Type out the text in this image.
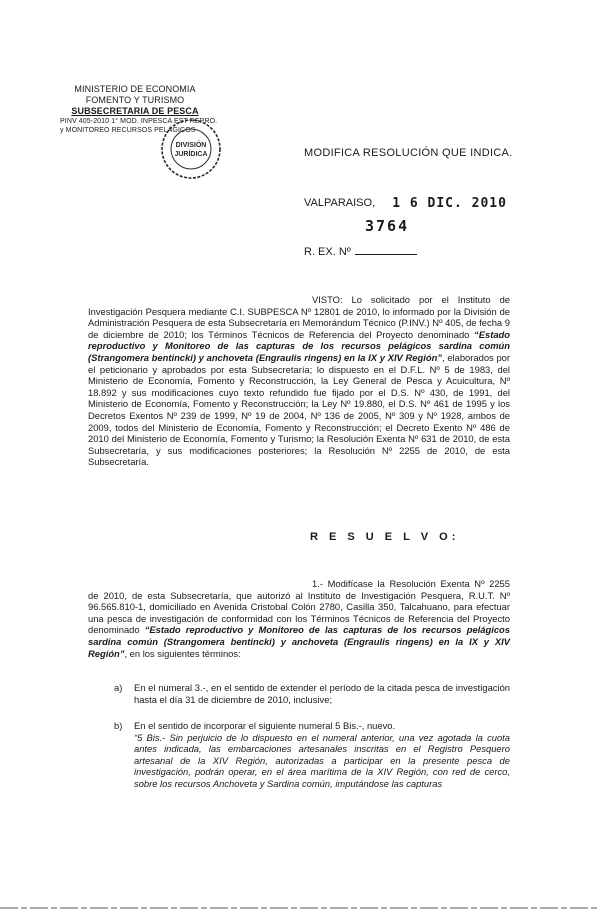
MINISTERIO DE ECONOMIA
FOMENTO Y TURISMO
SUBSECRETARIA DE PESCA
PINV 405-2010 1° MOD. INPESCA EST REPRO.
y MONITOREO RECURSOS PELÁGICOS
DIVISIÓN
JURÍDICA	MODIFICA RESOLUCIÓN QUE INDICA.
VALPARAISO, 1 6 DIC. 2010
3764
R. EX. Nº
VISTO: Lo solicitado por el Instituto de Investigación Pesquera mediante C.I. SUBPESCA Nº 12801 de 2010, lo informado por la División de Administración Pesquera de esta Subsecretaría en Memorándum Técnico (P.INV.) Nº 405, de fecha 9 de diciembre de 2010; los Términos Técnicos de Referencia del Proyecto denominado “Estado reproductivo y Monitoreo de las capturas de los recursos pelágicos sardina común (Strangomera bentincki) y anchoveta (Engraulis ringens) en la IX y XIV Región”, elaborados por el peticionario y aprobados por esta Subsecretaría; lo dispuesto en el D.F.L. Nº 5 de 1983, del Ministerio de Economía, Fomento y Reconstrucción, la Ley General de Pesca y Acuicultura, Nº 18.892 y sus modificaciones cuyo texto refundido fue fijado por el D.S. Nº 430, de 1991, del Ministerio de Economía, Fomento y Reconstrucción; la Ley Nº 19.880, el D.S. Nº 461 de 1995 y los Decretos Exentos Nº 239 de 1999, Nº 19 de 2004, Nº 136 de 2005, Nº 309 y Nº 1928, ambos de 2009, todos del Ministerio de Economía, Fomento y Reconstrucción; el Decreto Exento Nº 486 de 2010 del Ministerio de Economía, Fomento y Turismo; la Resolución Exenta Nº 631 de 2010, de esta Subsecretaría, y sus modificaciones posteriores; la Resolución Nº 2255 de 2010, de esta Subsecretaría.
R E S U E L V O:
1.- Modifícase la Resolución Exenta Nº 2255 de 2010, de esta Subsecretaría, que autorizó al Instituto de Investigación Pesquera, R.U.T. Nº 96.565.810-1, domiciliado en Avenida Cristobal Colón 2780, Casilla 350, Talcahuano, para efectuar una pesca de investigación de conformidad con los Términos Técnicos de Referencia del Proyecto denominado “Estado reproductivo y Monitoreo de las capturas de los recursos pelágicos sardina común (Strangomera bentincki) y anchoveta (Engraulis ringens) en la IX y XIV Región”, en los siguientes términos:
a) En el numeral 3.-, en el sentido de extender el período de la citada pesca de investigación hasta el día 31 de diciembre de 2010, inclusive;
b) En el sentido de incorporar el siguiente numeral 5 Bis.-, nuevo.
“5 Bis.- Sin perjuicio de lo dispuesto en el numeral anterior, una vez agotada la cuota antes indicada, las embarcaciones artesanales inscritas en el Registro Pesquero artesanal de la XIV Región, autorizadas a participar en la presente pesca de investigación, podrán operar, en el área marítima de la XIV Región, con red de cerco, sobre los recursos Anchoveta y Sardina común, imputándose las capturas
